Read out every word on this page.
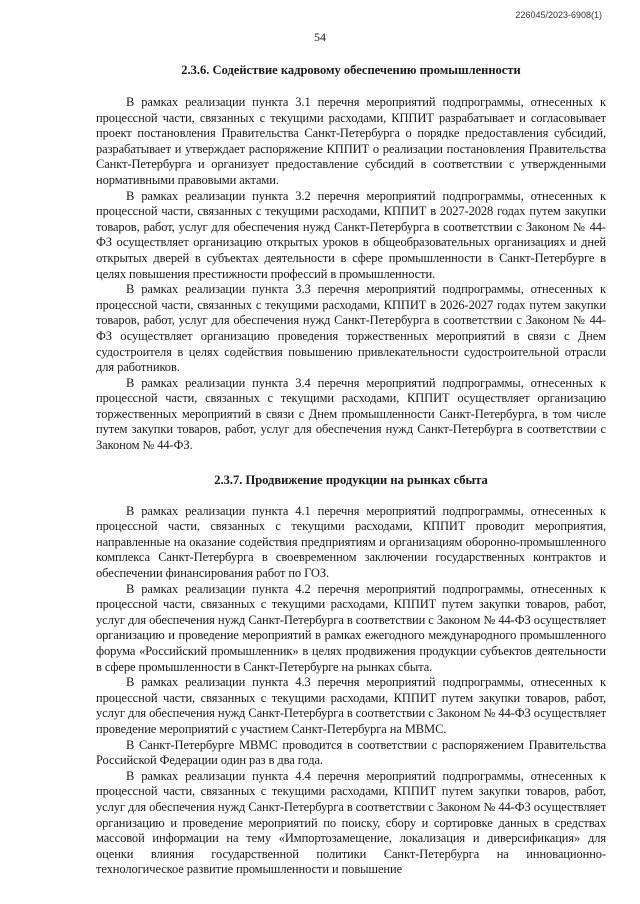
226045/2023-6908(1)
54
2.3.6. Содействие кадровому обеспечению промышленности

В рамках реализации пункта 3.1 перечня мероприятий подпрограммы, отнесенных к процессной части, связанных с текущими расходами, КППИТ разрабатывает и согласовывает проект постановления Правительства Санкт-Петербурга о порядке предоставления субсидий, разрабатывает и утверждает распоряжение КППИТ о реализации постановления Правительства Санкт-Петербурга и организует предоставление субсидий в соответствии с утвержденными нормативными правовыми актами.

В рамках реализации пункта 3.2 перечня мероприятий подпрограммы, отнесенных к процессной части, связанных с текущими расходами, КППИТ в 2027-2028 годах путем закупки товаров, работ, услуг для обеспечения нужд Санкт-Петербурга в соответствии с Законом № 44-ФЗ осуществляет организацию открытых уроков в общеобразовательных организациях и дней открытых дверей в субъектах деятельности в сфере промышленности в Санкт-Петербурге в целях повышения престижности профессий в промышленности.

В рамках реализации пункта 3.3 перечня мероприятий подпрограммы, отнесенных к процессной части, связанных с текущими расходами, КППИТ в 2026-2027 годах путем закупки товаров, работ, услуг для обеспечения нужд Санкт-Петербурга в соответствии с Законом № 44-ФЗ осуществляет организацию проведения торжественных мероприятий в связи с Днем судостроителя в целях содействия повышению привлекательности судостроительной отрасли для работников.

В рамках реализации пункта 3.4 перечня мероприятий подпрограммы, отнесенных к процессной части, связанных с текущими расходами, КППИТ осуществляет организацию торжественных мероприятий в связи с Днем промышленности Санкт-Петербурга, в том числе путем закупки товаров, работ, услуг для обеспечения нужд Санкт-Петербурга в соответствии с Законом № 44-ФЗ.

2.3.7. Продвижение продукции на рынках сбыта

В рамках реализации пункта 4.1 перечня мероприятий подпрограммы, отнесенных к процессной части, связанных с текущими расходами, КППИТ проводит мероприятия, направленные на оказание содействия предприятиям и организациям оборонно-промышленного комплекса Санкт-Петербурга в своевременном заключении государственных контрактов и обеспечении финансирования работ по ГОЗ.

В рамках реализации пункта 4.2 перечня мероприятий подпрограммы, отнесенных к процессной части, связанных с текущими расходами, КППИТ путем закупки товаров, работ, услуг для обеспечения нужд Санкт-Петербурга в соответствии с Законом № 44-ФЗ осуществляет организацию и проведение мероприятий в рамках ежегодного международного промышленного форума «Российский промышленник» в целях продвижения продукции субъектов деятельности в сфере промышленности в Санкт-Петербурге на рынках сбыта.

В рамках реализации пункта 4.3 перечня мероприятий подпрограммы, отнесенных к процессной части, связанных с текущими расходами, КППИТ путем закупки товаров, работ, услуг для обеспечения нужд Санкт-Петербурга в соответствии с Законом № 44-ФЗ осуществляет проведение мероприятий с участием Санкт-Петербурга на МВМС.

В Санкт-Петербурге МВМС проводится в соответствии с распоряжением Правительства Российской Федерации один раз в два года.

В рамках реализации пункта 4.4 перечня мероприятий подпрограммы, отнесенных к процессной части, связанных с текущими расходами, КППИТ путем закупки товаров, работ, услуг для обеспечения нужд Санкт-Петербурга в соответствии с Законом № 44-ФЗ осуществляет организацию и проведение мероприятий по поиску, сбору и сортировке данных в средствах массовой информации на тему «Импортозамещение, локализация и диверсификация» для оценки влияния государственной политики Санкт-Петербурга на инновационно-технологическое развитие промышленности и повышение
